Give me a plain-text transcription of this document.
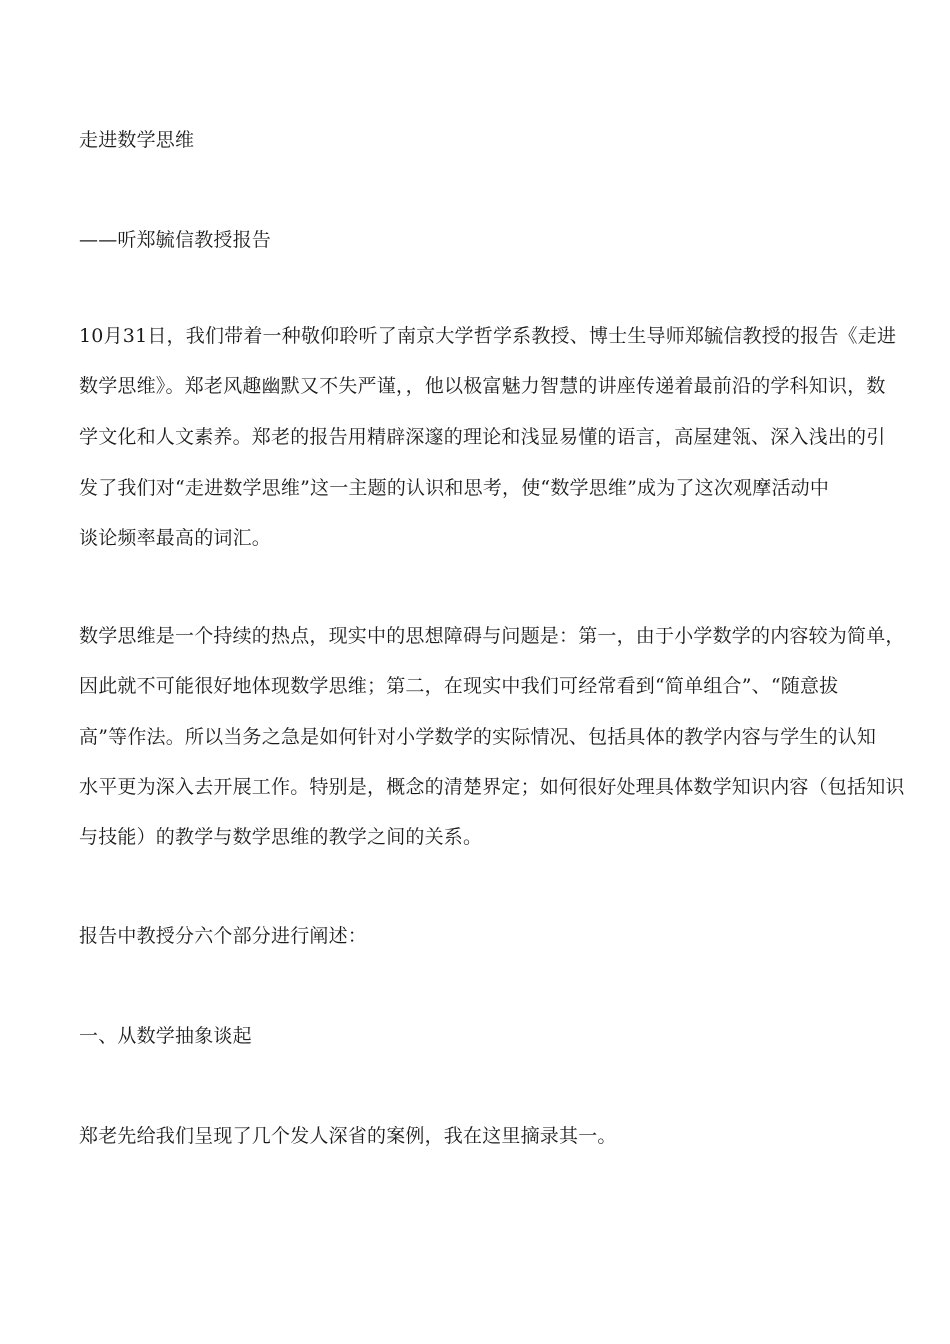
走进数学思维
——听郑毓信教授报告
10月31日，我们带着一种敬仰聆听了南京大学哲学系教授、博士生导师郑毓信教授的报告《走进
数学思维》。郑老风趣幽默又不失严谨，，他以极富魅力智慧的讲座传递着最前沿的学科知识，数
学文化和人文素养。郑老的报告用精辟深邃的理论和浅显易懂的语言，高屋建瓴、深入浅出的引
发了我们对“走进数学思维”这一主题的认识和思考，使“数学思维”成为了这次观摩活动中
谈论频率最高的词汇。
数学思维是一个持续的热点，现实中的思想障碍与问题是：第一，由于小学数学的内容较为简单，
因此就不可能很好地体现数学思维；第二，在现实中我们可经常看到“简单组合”、“随意拔
高”等作法。所以当务之急是如何针对小学数学的实际情况、包括具体的教学内容与学生的认知
水平更为深入去开展工作。特别是，概念的清楚界定；如何很好处理具体数学知识内容（包括知识
与技能）的教学与数学思维的教学之间的关系。
报告中教授分六个部分进行阐述：
一、从数学抽象谈起
郑老先给我们呈现了几个发人深省的案例，我在这里摘录其一。
